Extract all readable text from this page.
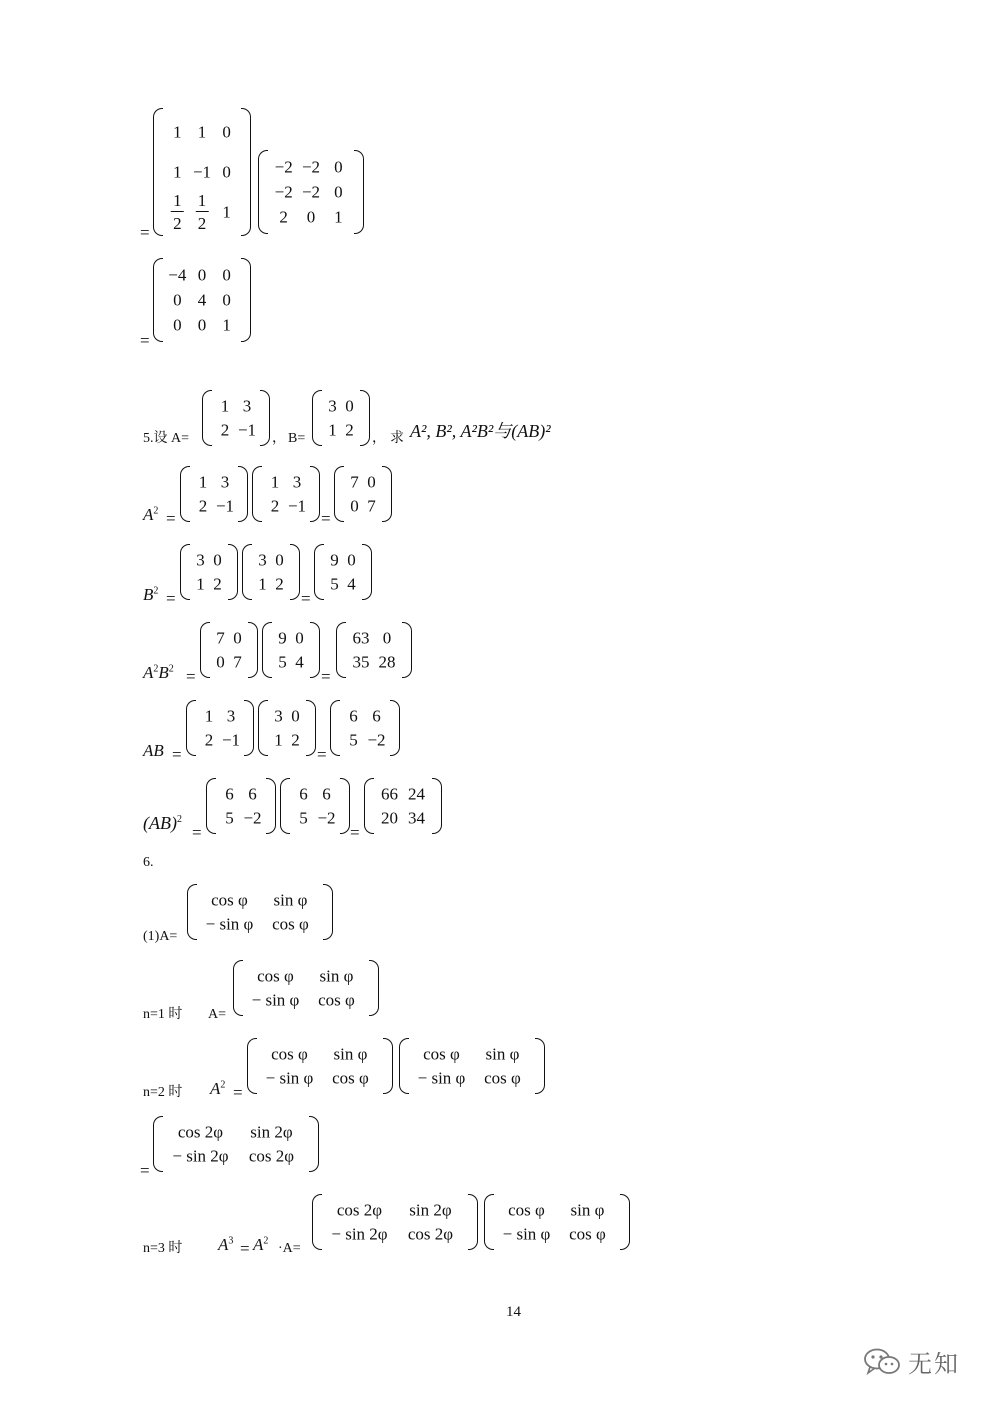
=
1 1 0
1 −1 0
$\frac{1}{2} \frac{1}{2} 1$
−2 −2 0
−2 −2 0
2 0 1
=
−4 0 0
0 4 0
0 0 1
5.设 A=
1 3
2 −1 ， B=
3 0
1 2 ， 求 A², B², A²B²与(AB)²
$A^2$ =
1 3
2 −1
1 3
2 −1
=
7 0
0 7
$B^2$ =
3 0
1 2
3 0
1 2
=
9 0
5 4
$A^2B^2$ =
7 0
0 7
9 0
5 4
=
63 0
35 28
AB =
1 3
2 −1
3 0
1 2
=
6 6
5 −2
(AB)$^2$
=
6 6
5 −2
6 6
5 −2
=
66 24
20 34
6.
(1)A=
cos φ sin φ
− sin φ cos φ
n=1 时 A=
cos φ sin φ
− sin φ cos φ
n=2 时 $A^2$ =
cos φ sin φ
− sin φ cos φ
cos φ sin φ
− sin φ cos φ
=
cos 2φ sin 2φ
− sin 2φ cos 2φ
n=3 时 $A^3 = A^2$
·A=
cos 2φ sin 2φ
− sin 2φ cos 2φ
cos φ sin φ
− sin φ cos φ
14
无知
